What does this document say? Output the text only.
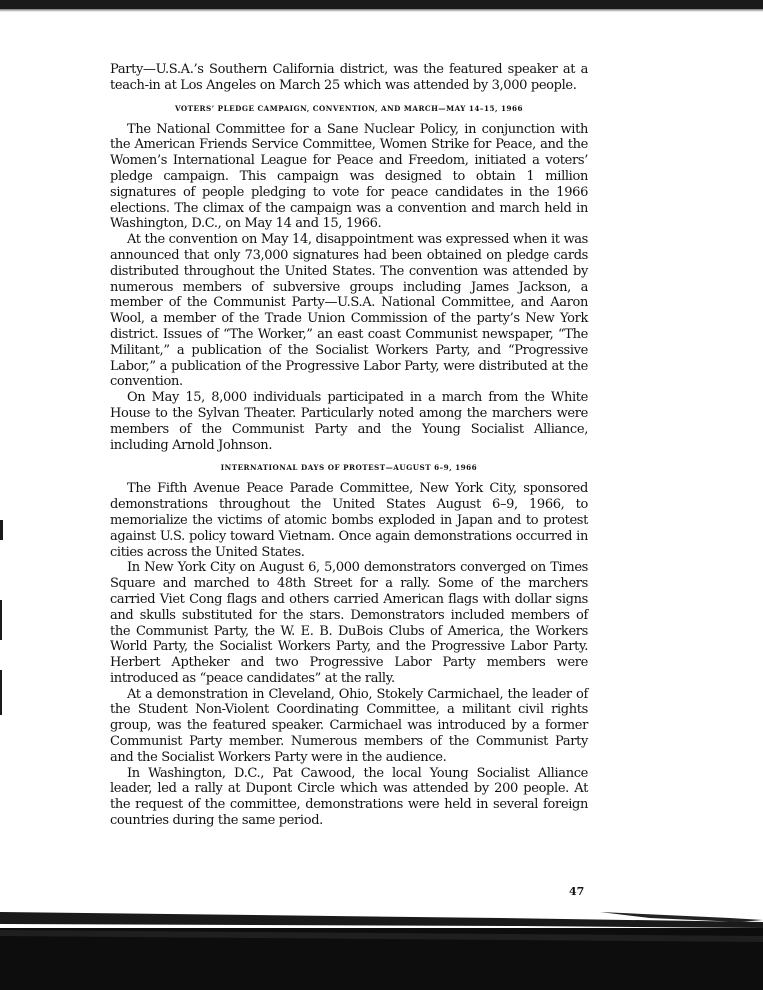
Party—U.S.A.’s Southern California district, was the featured speaker at a teach-in at Los Angeles on March 25 which was attended by 3,000 people.

VOTERS’ PLEDGE CAMPAIGN, CONVENTION, AND MARCH—MAY 14–15, 1966

The National Committee for a Sane Nuclear Policy, in conjunction with the American Friends Service Committee, Women Strike for Peace, and the Women’s International League for Peace and Freedom, initiated a voters’ pledge campaign. This campaign was designed to obtain 1 million signatures of people pledging to vote for peace candidates in the 1966 elections. The climax of the campaign was a convention and march held in Washington, D.C., on May 14 and 15, 1966.

At the convention on May 14, disappointment was expressed when it was announced that only 73,000 signatures had been obtained on pledge cards distributed throughout the United States. The convention was attended by numerous members of subversive groups including James Jackson, a member of the Communist Party—U.S.A. National Committee, and Aaron Wool, a member of the Trade Union Commission of the party’s New York district. Issues of “The Worker,” an east coast Communist newspaper, “The Militant,” a publication of the Socialist Workers Party, and “Progressive Labor,” a publication of the Progressive Labor Party, were distributed at the convention.

On May 15, 8,000 individuals participated in a march from the White House to the Sylvan Theater. Particularly noted among the marchers were members of the Communist Party and the Young Socialist Alliance, including Arnold Johnson.

INTERNATIONAL DAYS OF PROTEST—AUGUST 6–9, 1966

The Fifth Avenue Peace Parade Committee, New York City, sponsored demonstrations throughout the United States August 6–9, 1966, to memorialize the victims of atomic bombs exploded in Japan and to protest against U.S. policy toward Vietnam. Once again demonstrations occurred in cities across the United States.

In New York City on August 6, 5,000 demonstrators converged on Times Square and marched to 48th Street for a rally. Some of the marchers carried Viet Cong flags and others carried American flags with dollar signs and skulls substituted for the stars. Demonstrators included members of the Communist Party, the W. E. B. DuBois Clubs of America, the Workers World Party, the Socialist Workers Party, and the Progressive Labor Party. Herbert Aptheker and two Progressive Labor Party members were introduced as “peace candidates” at the rally.

At a demonstration in Cleveland, Ohio, Stokely Carmichael, the leader of the Student Non-Violent Coordinating Committee, a militant civil rights group, was the featured speaker. Carmichael was introduced by a former Communist Party member. Numerous members of the Communist Party and the Socialist Workers Party were in the audience.

In Washington, D.C., Pat Cawood, the local Young Socialist Alliance leader, led a rally at Dupont Circle which was attended by 200 people. At the request of the committee, demonstrations were held in several foreign countries during the same period.

47
